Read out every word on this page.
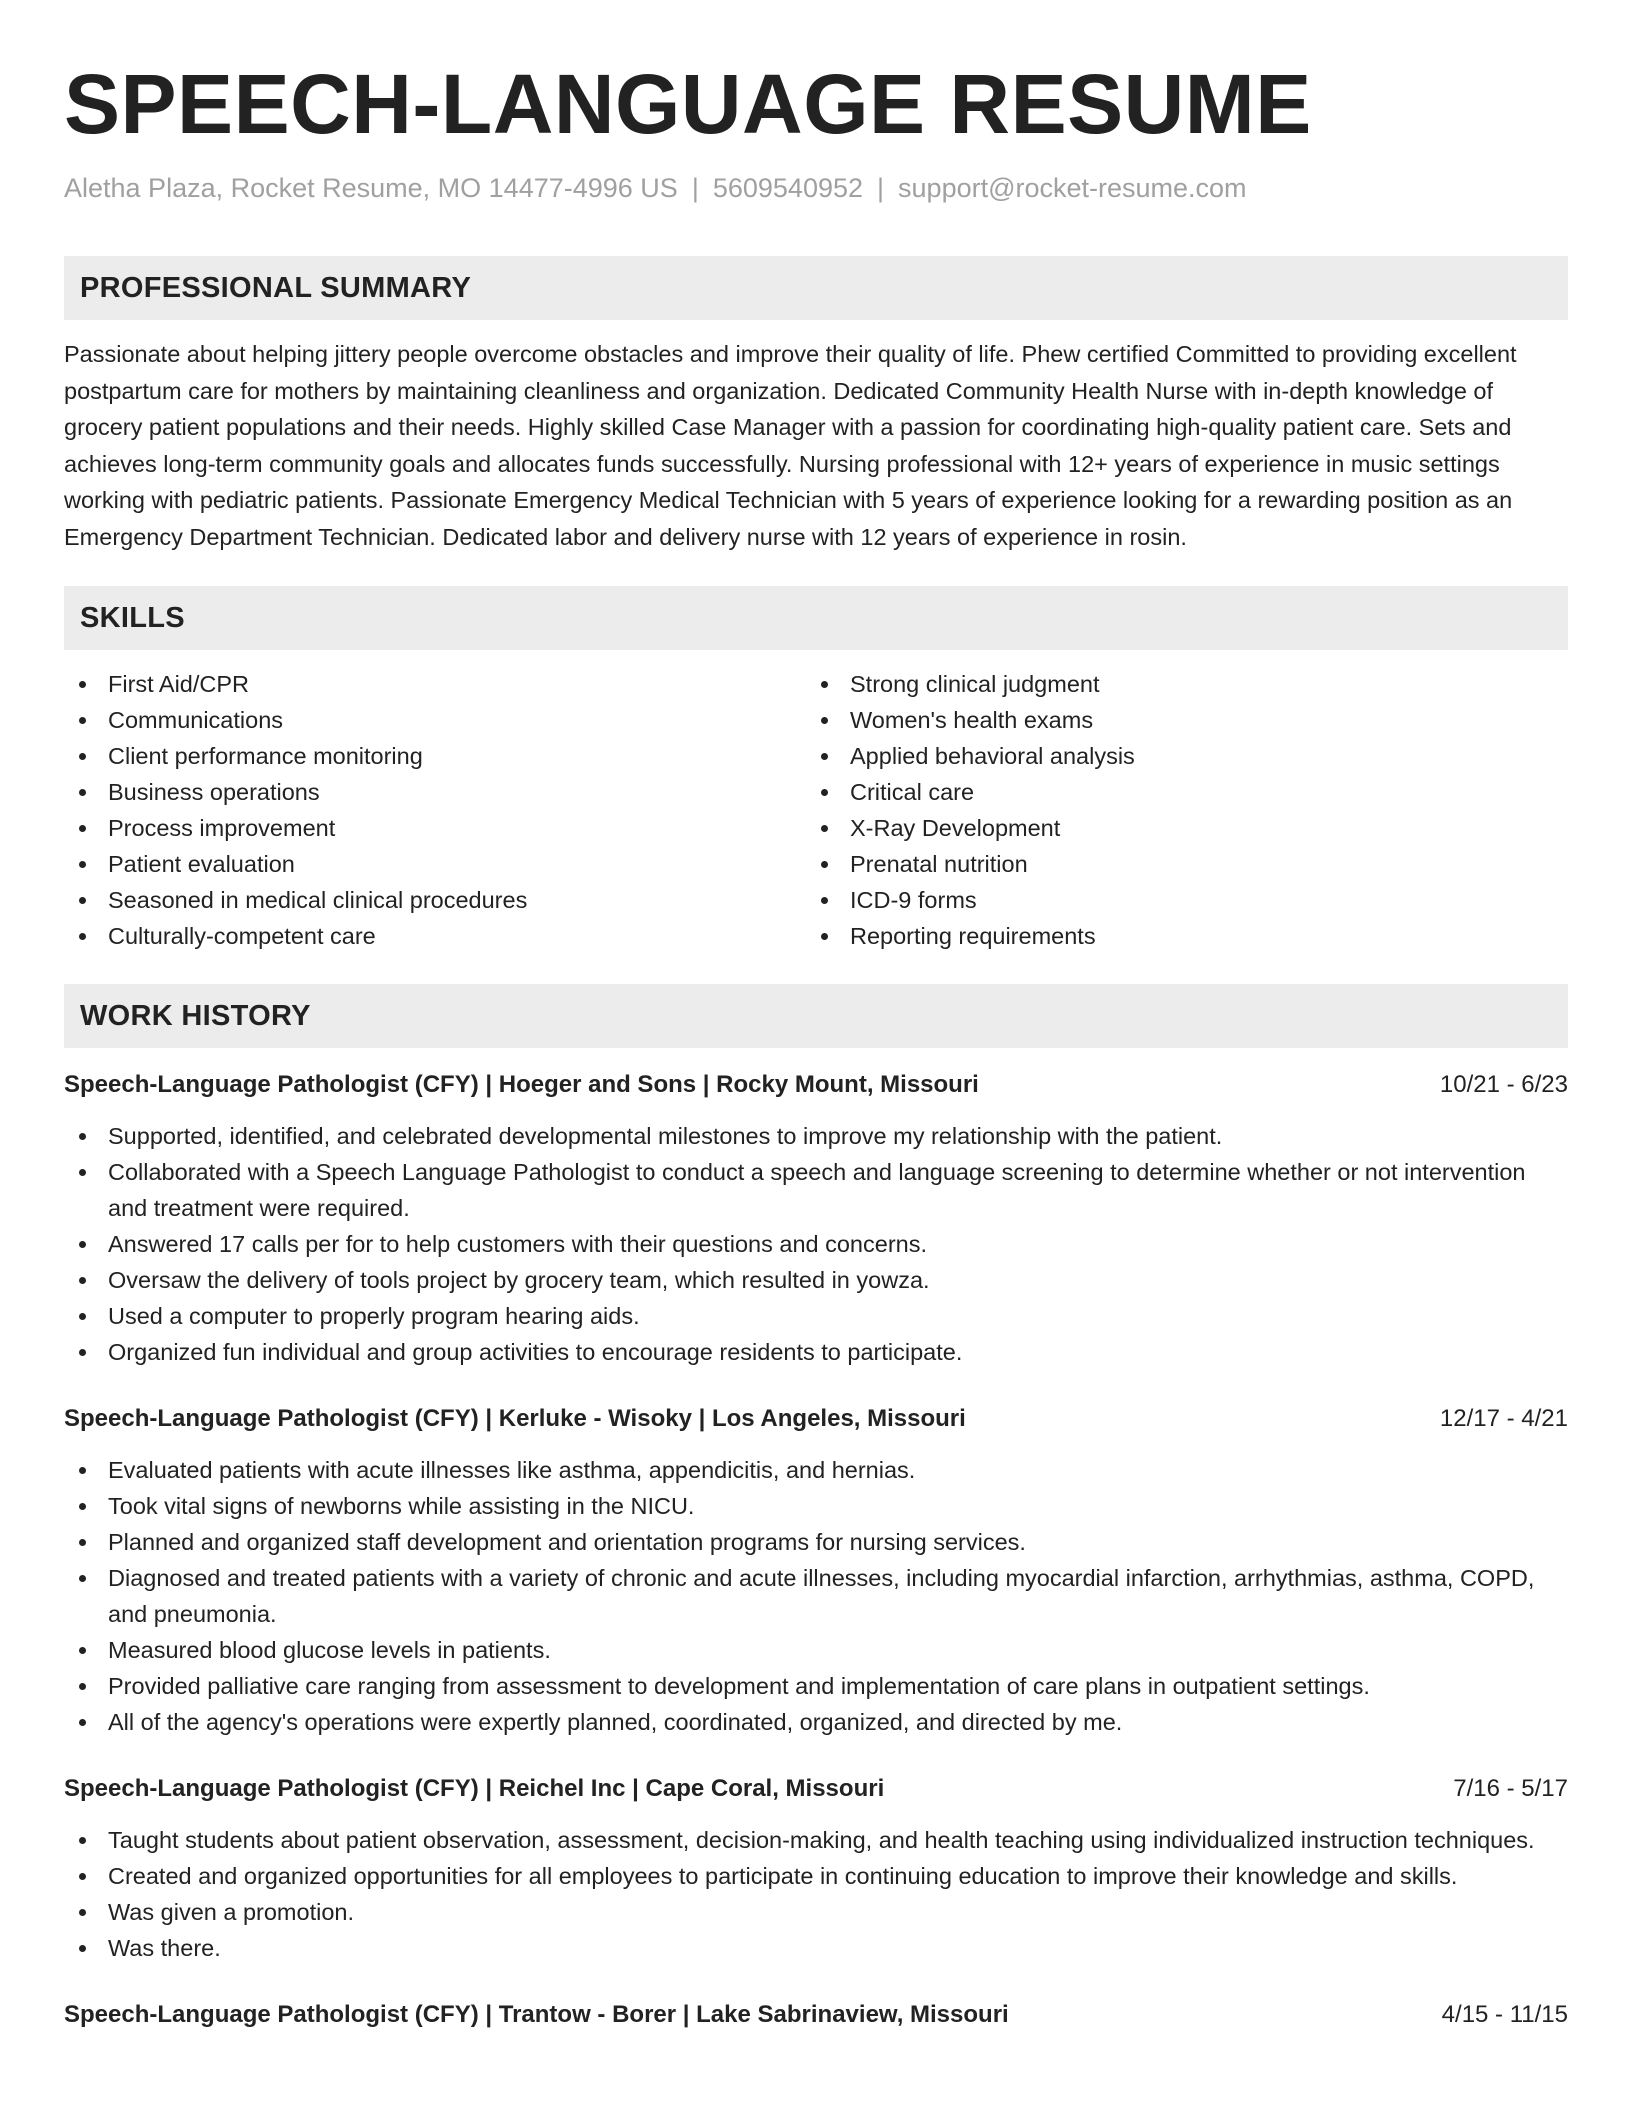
SPEECH-LANGUAGE RESUME
Aletha Plaza, Rocket Resume, MO 14477-4996 US | 5609540952 | support@rocket-resume.com
PROFESSIONAL SUMMARY

Passionate about helping jittery people overcome obstacles and improve their quality of life. Phew certified Committed to providing excellent postpartum care for mothers by maintaining cleanliness and organization. Dedicated Community Health Nurse with in-depth knowledge of grocery patient populations and their needs. Highly skilled Case Manager with a passion for coordinating high-quality patient care. Sets and achieves long-term community goals and allocates funds successfully. Nursing professional with 12+ years of experience in music settings working with pediatric patients. Passionate Emergency Medical Technician with 5 years of experience looking for a rewarding position as an Emergency Department Technician. Dedicated labor and delivery nurse with 12 years of experience in rosin.

SKILLS
First Aid/CPR
Communications
Client performance monitoring
Business operations
Process improvement
Patient evaluation
Seasoned in medical clinical procedures
Culturally-competent care
Strong clinical judgment
Women's health exams
Applied behavioral analysis
Critical care
X-Ray Development
Prenatal nutrition
ICD-9 forms
Reporting requirements
WORK HISTORY
Speech-Language Pathologist (CFY) | Hoeger and Sons | Rocky Mount, Missouri	10/21 - 6/23
Supported, identified, and celebrated developmental milestones to improve my relationship with the patient.
Collaborated with a Speech Language Pathologist to conduct a speech and language screening to determine whether or not intervention and treatment were required.
Answered 17 calls per for to help customers with their questions and concerns.
Oversaw the delivery of tools project by grocery team, which resulted in yowza.
Used a computer to properly program hearing aids.
Organized fun individual and group activities to encourage residents to participate.
Speech-Language Pathologist (CFY) | Kerluke - Wisoky | Los Angeles, Missouri	12/17 - 4/21
Evaluated patients with acute illnesses like asthma, appendicitis, and hernias.
Took vital signs of newborns while assisting in the NICU.
Planned and organized staff development and orientation programs for nursing services.
Diagnosed and treated patients with a variety of chronic and acute illnesses, including myocardial infarction, arrhythmias, asthma, COPD, and pneumonia.
Measured blood glucose levels in patients.
Provided palliative care ranging from assessment to development and implementation of care plans in outpatient settings.
All of the agency's operations were expertly planned, coordinated, organized, and directed by me.
Speech-Language Pathologist (CFY) | Reichel Inc | Cape Coral, Missouri	7/16 - 5/17
Taught students about patient observation, assessment, decision-making, and health teaching using individualized instruction techniques.
Created and organized opportunities for all employees to participate in continuing education to improve their knowledge and skills.
Was given a promotion.
Was there.
Speech-Language Pathologist (CFY) | Trantow - Borer | Lake Sabrinaview, Missouri	4/15 - 11/15
